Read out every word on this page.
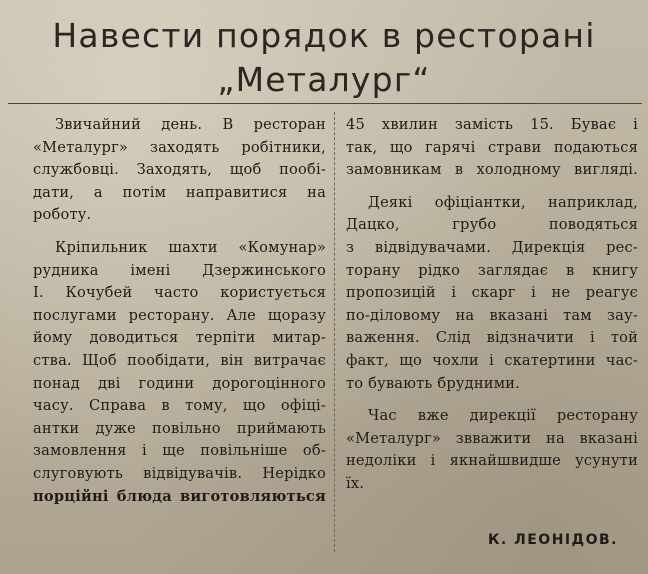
Навести порядок в ресторані
„Металург“
Звичайний день. В ресторан
«Металург» заходять робітники,
службовці. Заходять, щоб пообі-
дати, а потім направитися на
роботу.
Кріпильник шахти «Комунар»
рудника імені Дзержинського
І. Кочубей часто користується
послугами ресторану. Але щоразу
йому доводиться терпіти митар-
ства. Щоб пообідати, він витрачає
понад дві години дорогоцінного
часу. Справа в тому, що офіці-
антки дуже повільно приймають
замовлення і ще повільніше об-
слуговують відвідувачів. Нерідко
порційні блюда виготовляються
45 хвилин замість 15. Буває і
так, що гарячі страви подаються
замовникам в холодному вигляді.
Деякі офіціантки, наприклад,
Дацко, грубо поводяться
з відвідувачами. Дирекція рес-
торану рідко заглядає в книгу
пропозицій і скарг і не реагує
по-діловому на вказані там зау-
важення. Слід відзначити і той
факт, що чохли і скатертини час-
то бувають брудними.
Час вже дирекції ресторану
«Металург» звважити на вказані
недоліки і якнайшвидше усунути
їх.
К. ЛЕОНІДОВ.
